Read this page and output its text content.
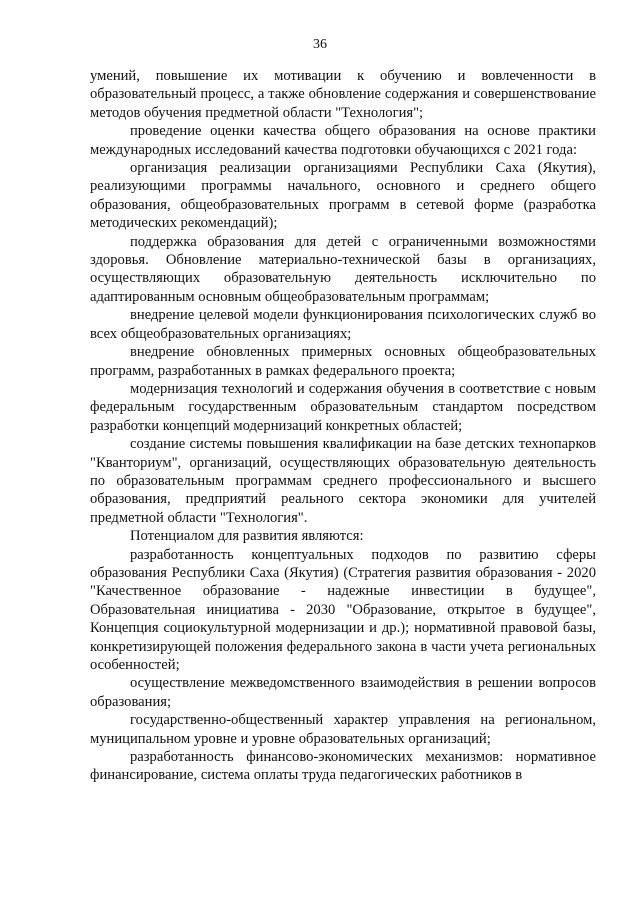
36

умений, повышение их мотивации к обучению и вовлеченности в образовательный процесс, а также обновление содержания и совершенствование методов обучения предметной области "Технология";

проведение оценки качества общего образования на основе практики международных исследований качества подготовки обучающихся с 2021 года:

организация реализации организациями Республики Саха (Якутия), реализующими программы начального, основного и среднего общего образования, общеобразовательных программ в сетевой форме (разработка методических рекомендаций);

поддержка образования для детей с ограниченными возможностями здоровья. Обновление материально-технической базы в организациях, осуществляющих образовательную деятельность исключительно по адаптированным основным общеобразовательным программам;

внедрение целевой модели функционирования психологических служб во всех общеобразовательных организациях;

внедрение обновленных примерных основных общеобразовательных программ, разработанных в рамках федерального проекта;

модернизация технологий и содержания обучения в соответствие с новым федеральным государственным образовательным стандартом посредством разработки концепций модернизаций конкретных областей;

создание системы повышения квалификации на базе детских технопарков "Кванториум", организаций, осуществляющих образовательную деятельность по образовательным программам среднего профессионального и высшего образования, предприятий реального сектора экономики для учителей предметной области "Технология".

Потенциалом для развития являются:

разработанность концептуальных подходов по развитию сферы образования Республики Саха (Якутия) (Стратегия развития образования - 2020 "Качественное образование - надежные инвестиции в будущее", Образовательная инициатива - 2030 "Образование, открытое в будущее", Концепция социокультурной модернизации и др.); нормативной правовой базы, конкретизирующей положения федерального закона в части учета региональных особенностей;

осуществление межведомственного взаимодействия в решении вопросов образования;

государственно-общественный характер управления на региональном, муниципальном уровне и уровне образовательных организаций;

разработанность финансово-экономических механизмов: нормативное финансирование, система оплаты труда педагогических работников в
